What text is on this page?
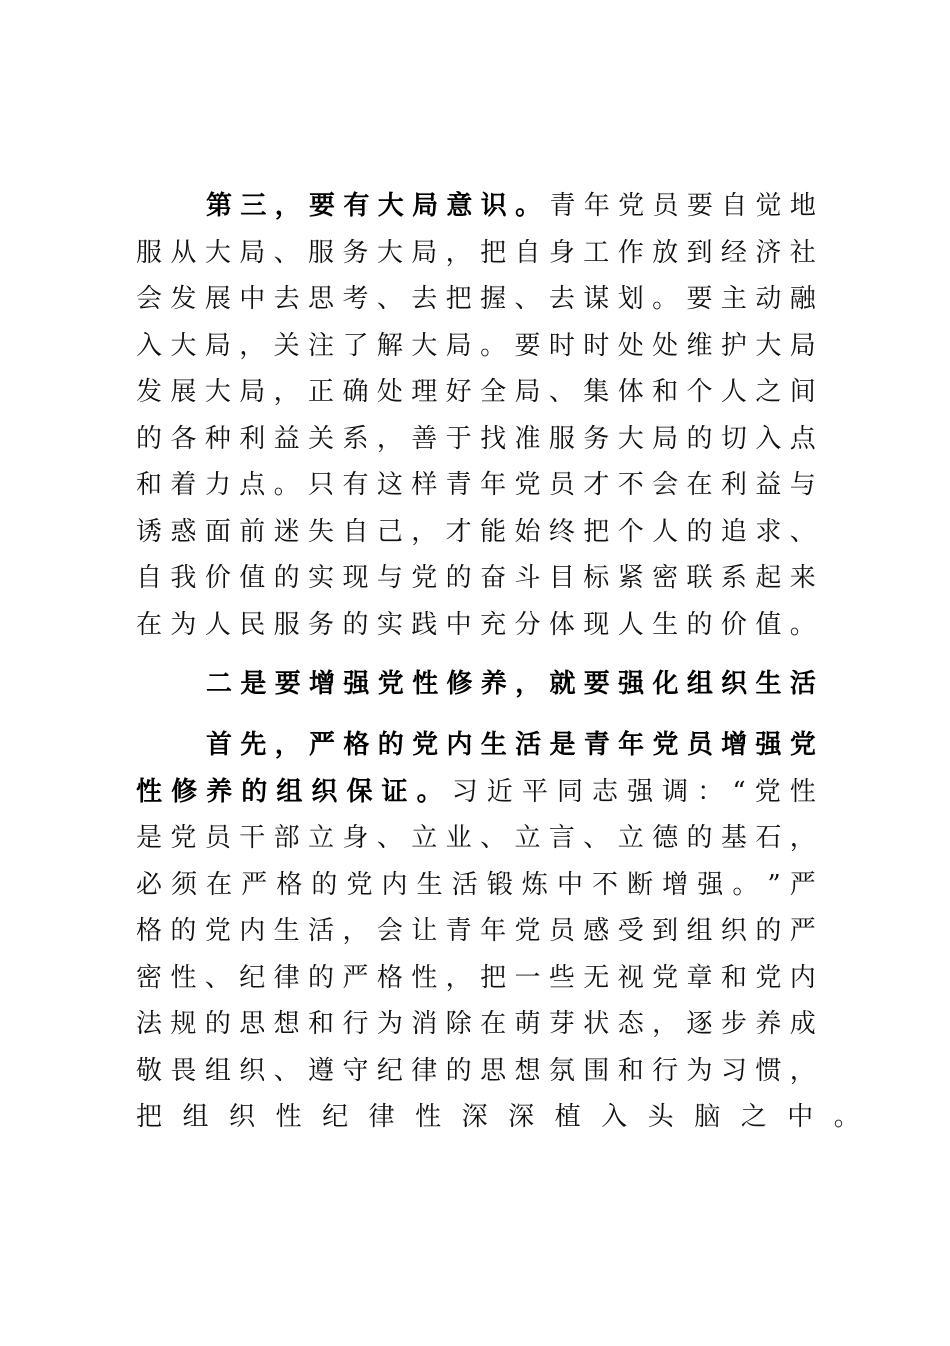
第 三 ， 要 有 大 局 意 识 。 青 年 党 员 要 自 觉 地
服 从 大 局 、 服 务 大 局 ， 把 自 身 工 作 放 到 经 济 社
会 发 展 中 去 思 考 、 去 把 握 、 去 谋 划 。 要 主 动 融
入 大 局 ， 关 注 了 解 大 局 。 要 时 时 处 处 维 护 大 局
发 展 大 局 ， 正 确 处 理 好 全 局 、 集 体 和 个 人 之 间
的 各 种 利 益 关 系 ， 善 于 找 准 服 务 大 局 的 切 入 点
和 着 力 点 。 只 有 这 样 青 年 党 员 才 不 会 在 利 益 与
诱 惑 面 前 迷 失 自 己 ， 才 能 始 终 把 个 人 的 追 求 、
自 我 价 值 的 实 现 与 党 的 奋 斗 目 标 紧 密 联 系 起 来
在 为 人 民 服 务 的 实 践 中 充 分 体 现 人 生 的 价 值 。
二 是 要 增 强 党 性 修 养 ， 就 要 强 化 组 织 生 活
首 先 ， 严 格 的 党 内 生 活 是 青 年 党 员 增 强 党
性 修 养 的 组 织 保 证 。 习 近 平 同 志 强 调 ： “ 党 性
是 党 员 干 部 立 身 、 立 业 、 立 言 、 立 德 的 基 石 ，
必 须 在 严 格 的 党 内 生 活 锻 炼 中 不 断 增 强 。 ” 严
格 的 党 内 生 活 ， 会 让 青 年 党 员 感 受 到 组 织 的 严
密 性 、 纪 律 的 严 格 性 ， 把 一 些 无 视 党 章 和 党 内
法 规 的 思 想 和 行 为 消 除 在 萌 芽 状 态 ， 逐 步 养 成
敬 畏 组 织 、 遵 守 纪 律 的 思 想 氛 围 和 行 为 习 惯 ，
把 组 织 性 纪 律 性 深 深 植 入 头 脑 之 中 。
